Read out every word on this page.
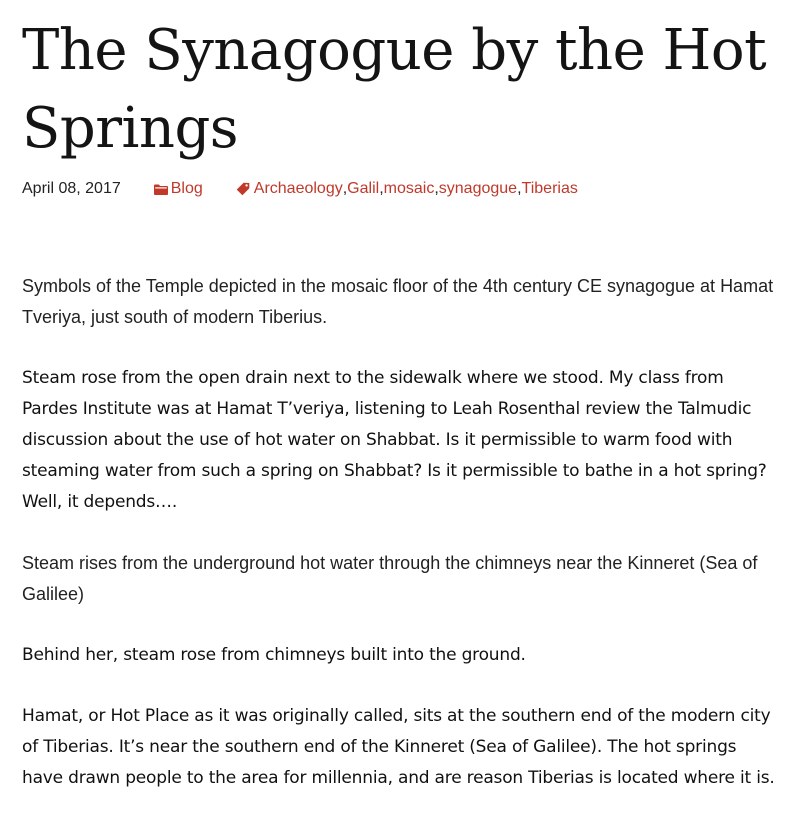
The Synagogue by the Hot Springs
April 08, 2017	Blog	Archaeology , Galil , mosaic , synagogue , Tiberias

Symbols of the Temple depicted in the mosaic floor of the 4th century CE synagogue at Hamat Tveriya, just south of modern Tiberius.

Steam rose from the open drain next to the sidewalk where we stood. My class from Pardes Institute was at Hamat T’veriya, listening to Leah Rosenthal review the Talmudic discussion about the use of hot water on Shabbat. Is it permissible to warm food with steaming water from such a spring on Shabbat? Is it permissible to bathe in a hot spring? Well, it depends….

Steam rises from the underground hot water through the chimneys near the Kinneret (Sea of Galilee)

Behind her, steam rose from chimneys built into the ground.

Hamat, or Hot Place as it was originally called, sits at the southern end of the modern city of Tiberias. It’s near the southern end of the Kinneret (Sea of Galilee). The hot springs have drawn people to the area for millennia, and are reason Tiberias is located where it is.
